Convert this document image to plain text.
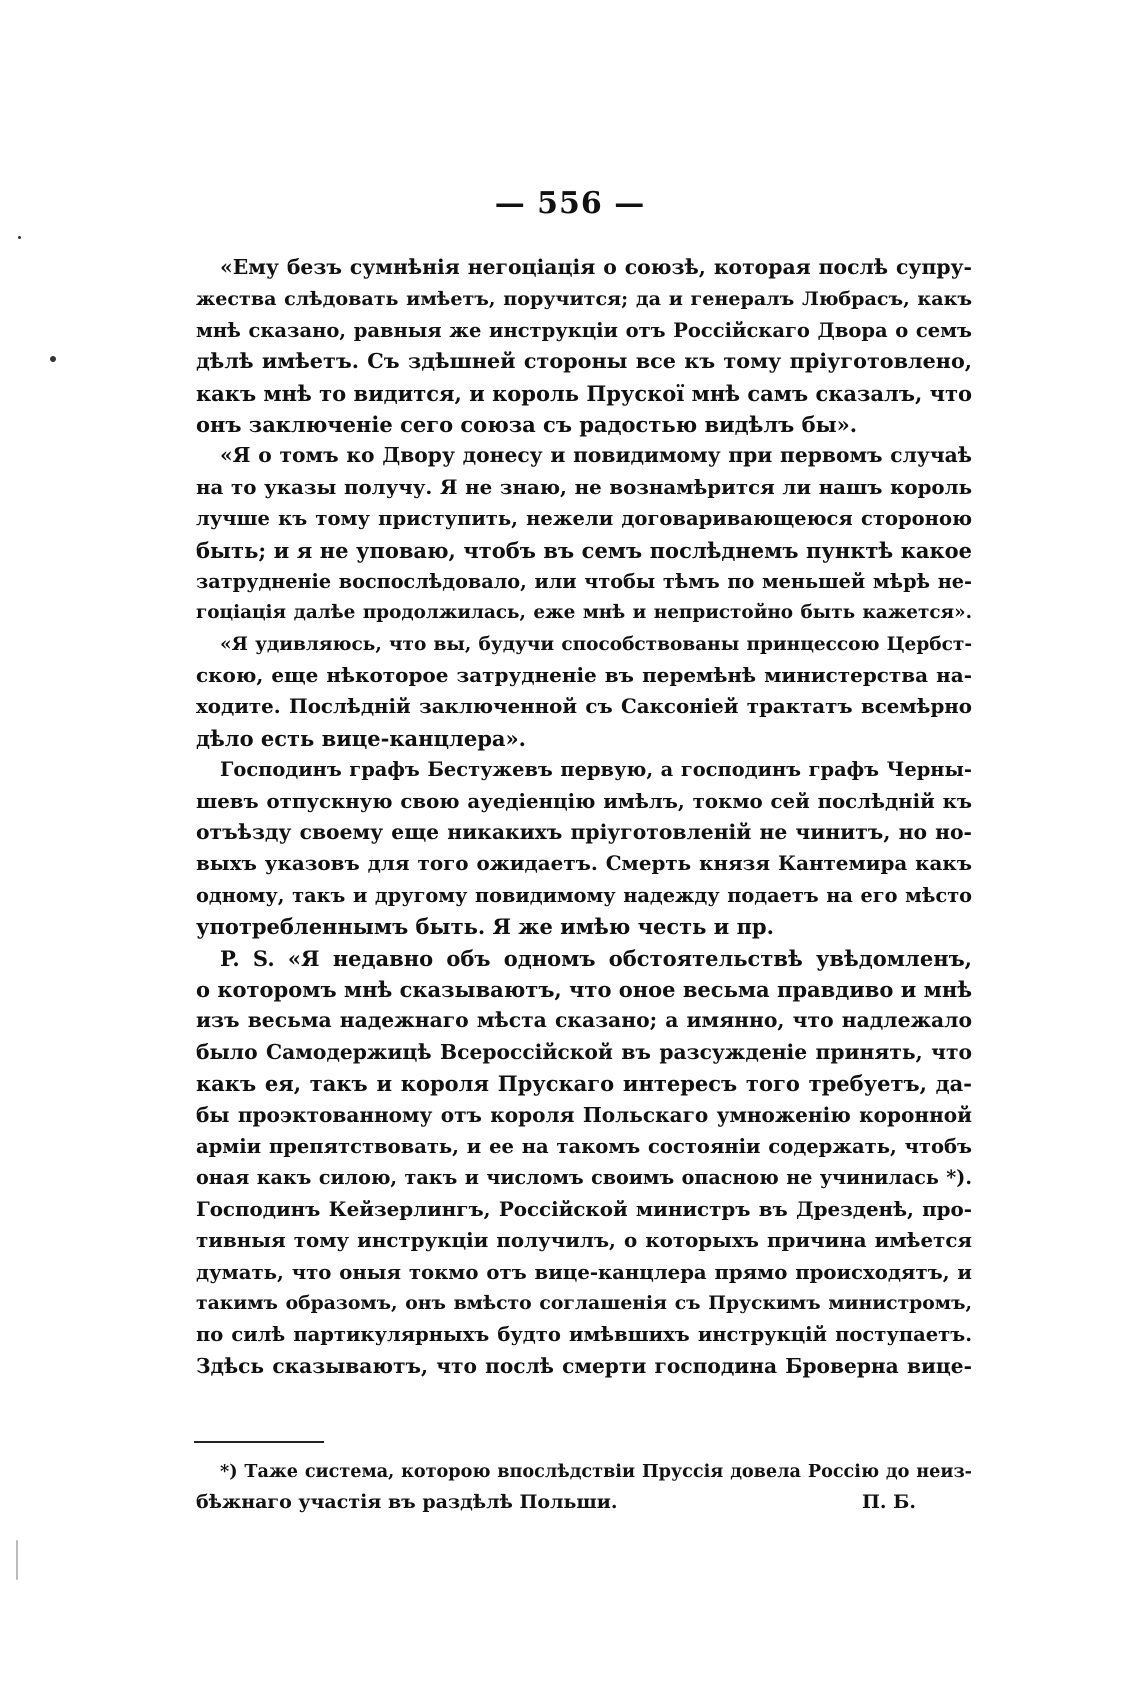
— 556 —
«Ему безъ сумнѣнія негоціація о союзѣ, которая послѣ супру-
жества слѣдовать имѣетъ, поручится; да и генералъ Любрасъ, какъ
мнѣ сказано, равныя же инструкціи отъ Россійскаго Двора о семъ
дѣлѣ имѣетъ. Съ здѣшней стороны все къ тому пріуготовлено,
какъ мнѣ то видится, и король Прускої мнѣ самъ сказалъ, что
онъ заключеніе сего союза съ радостью видѣлъ бы».
«Я о томъ ко Двору донесу и повидимому при первомъ случаѣ
на то указы получу. Я не знаю, не вознамѣрится ли нашъ король
лучше къ тому приступить, нежели договаривающеюся стороною
быть; и я не уповаю, чтобъ въ семъ послѣднемъ пунктѣ какое
затрудненіе воспослѣдовало, или чтобы тѣмъ по меньшей мѣрѣ не-
гоціація далѣе продолжилась, еже мнѣ и непристойно быть кажется».
«Я удивляюсь, что вы, будучи способствованы принцессою Цербст-
скою, еще нѣкоторое затрудненіе въ перемѣнѣ министерства на-
ходите. Послѣдній заключенной съ Саксоніей трактатъ всемѣрно
дѣло есть вице-канцлера».
Господинъ графъ Бестужевъ первую, а господинъ графъ Черны-
шевъ отпускную свою ауедіенцію имѣлъ, токмо сей послѣдній къ
отъѣзду своему еще никакихъ пріуготовленій не чинитъ, но но-
выхъ указовъ для того ожидаетъ. Смерть князя Кантемира какъ
одному, такъ и другому повидимому надежду подаетъ на его мѣсто
употребленнымъ быть. Я же имѣю честь и пр.
P. S. «Я недавно объ одномъ обстоятельствѣ увѣдомленъ,
о которомъ мнѣ сказываютъ, что оное весьма правдиво и мнѣ
изъ весьма надежнаго мѣста сказано; а имянно, что надлежало
было Самодержицѣ Всероссійской въ разсужденіе принять, что
какъ ея, такъ и короля Прускаго интересъ того требуетъ, да-
бы проэктованному отъ короля Польскаго умноженію коронной
арміи препятствовать, и ее на такомъ состояніи содержать, чтобъ
оная какъ силою, такъ и числомъ своимъ опасною не учинилась *).
Господинъ Кейзерлингъ, Россійской министръ въ Дрезденѣ, про-
тивныя тому инструкціи получилъ, о которыхъ причина имѣется
думать, что оныя токмо отъ вице-канцлера прямо происходятъ, и
такимъ образомъ, онъ вмѣсто соглашенія съ Прускимъ министромъ,
по силѣ партикулярныхъ будто имѣвшихъ инструкцій поступаетъ.
Здѣсь сказываютъ, что послѣ смерти господина Броверна вице-
*) Таже система, которою впослѣдствіи Пруссія довела Россію до неиз-
бѣжнаго участія въ раздѣлѣ Польши.	П. Б.
